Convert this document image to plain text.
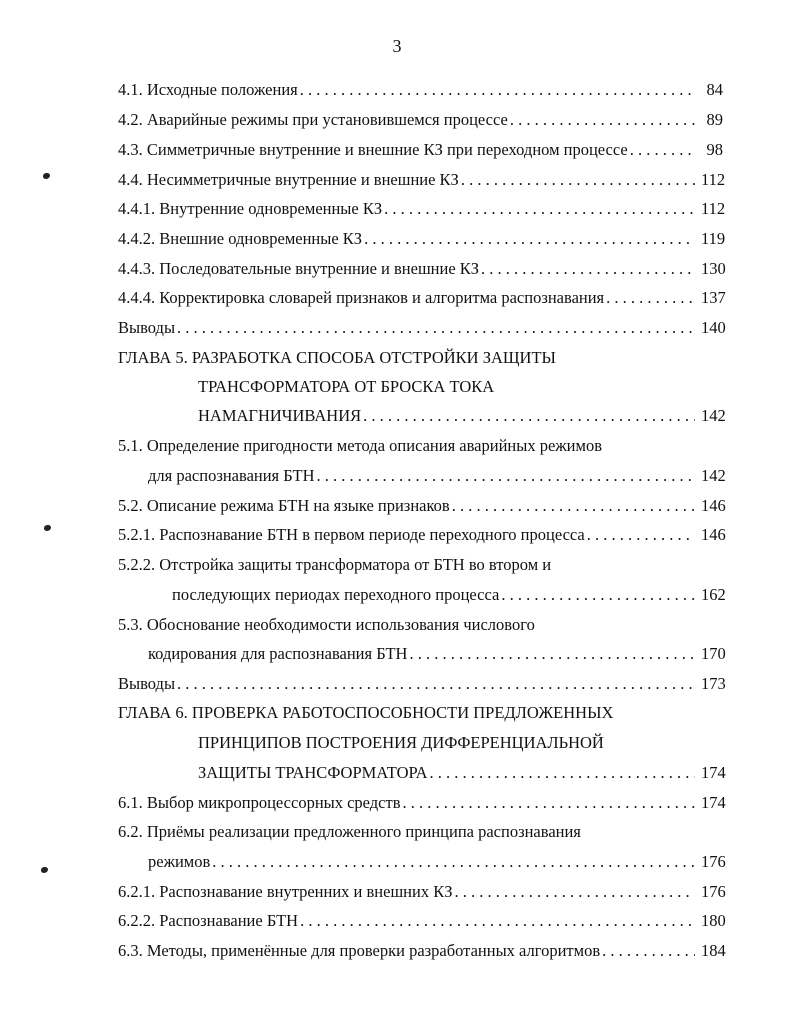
3
4.1. Исходные положения . . .	84
4.2. Аварийные режимы при установившемся процессе . . .	89
4.3. Симметричные внутренние и внешние КЗ при переходном процессе . . .	98
4.4. Несимметричные внутренние и внешние КЗ . . .	112
4.4.1. Внутренние одновременные КЗ . . .	112
4.4.2. Внешние одновременные КЗ . . .	119
4.4.3. Последовательные внутренние и внешние КЗ . . .	130
4.4.4. Корректировка словарей признаков и алгоритма распознавания . . .	137
Выводы . . .	140
ГЛАВА 5. РАЗРАБОТКА СПОСОБА ОТСТРОЙКИ ЗАЩИТЫ
ТРАНСФОРМАТОРА ОТ БРОСКА ТОКА
НАМАГНИЧИВАНИЯ . . .	142
5.1. Определение пригодности метода описания аварийных режимов
для распознавания БТН . . .	142
5.2. Описание режима БТН на языке признаков . . .	146
5.2.1. Распознавание БТН в первом периоде переходного процесса . . .	146
5.2.2. Отстройка защиты трансформатора от БТН во втором и
последующих периодах переходного процесса . . .	162
5.3. Обоснование необходимости использования числового
кодирования для распознавания БТН . . .	170
Выводы . . .	173
ГЛАВА 6. ПРОВЕРКА РАБОТОСПОСОБНОСТИ ПРЕДЛОЖЕННЫХ
ПРИНЦИПОВ ПОСТРОЕНИЯ ДИФФЕРЕНЦИАЛЬНОЙ
ЗАЩИТЫ ТРАНСФОРМАТОРА . . .	174
6.1. Выбор микропроцессорных средств . . .	174
6.2. Приёмы реализации предложенного принципа распознавания
режимов . . .	176
6.2.1. Распознавание внутренних и внешних КЗ . . .	176
6.2.2. Распознавание БТН . . .	180
6.3. Методы, применённые для проверки разработанных алгоритмов . . .	184
